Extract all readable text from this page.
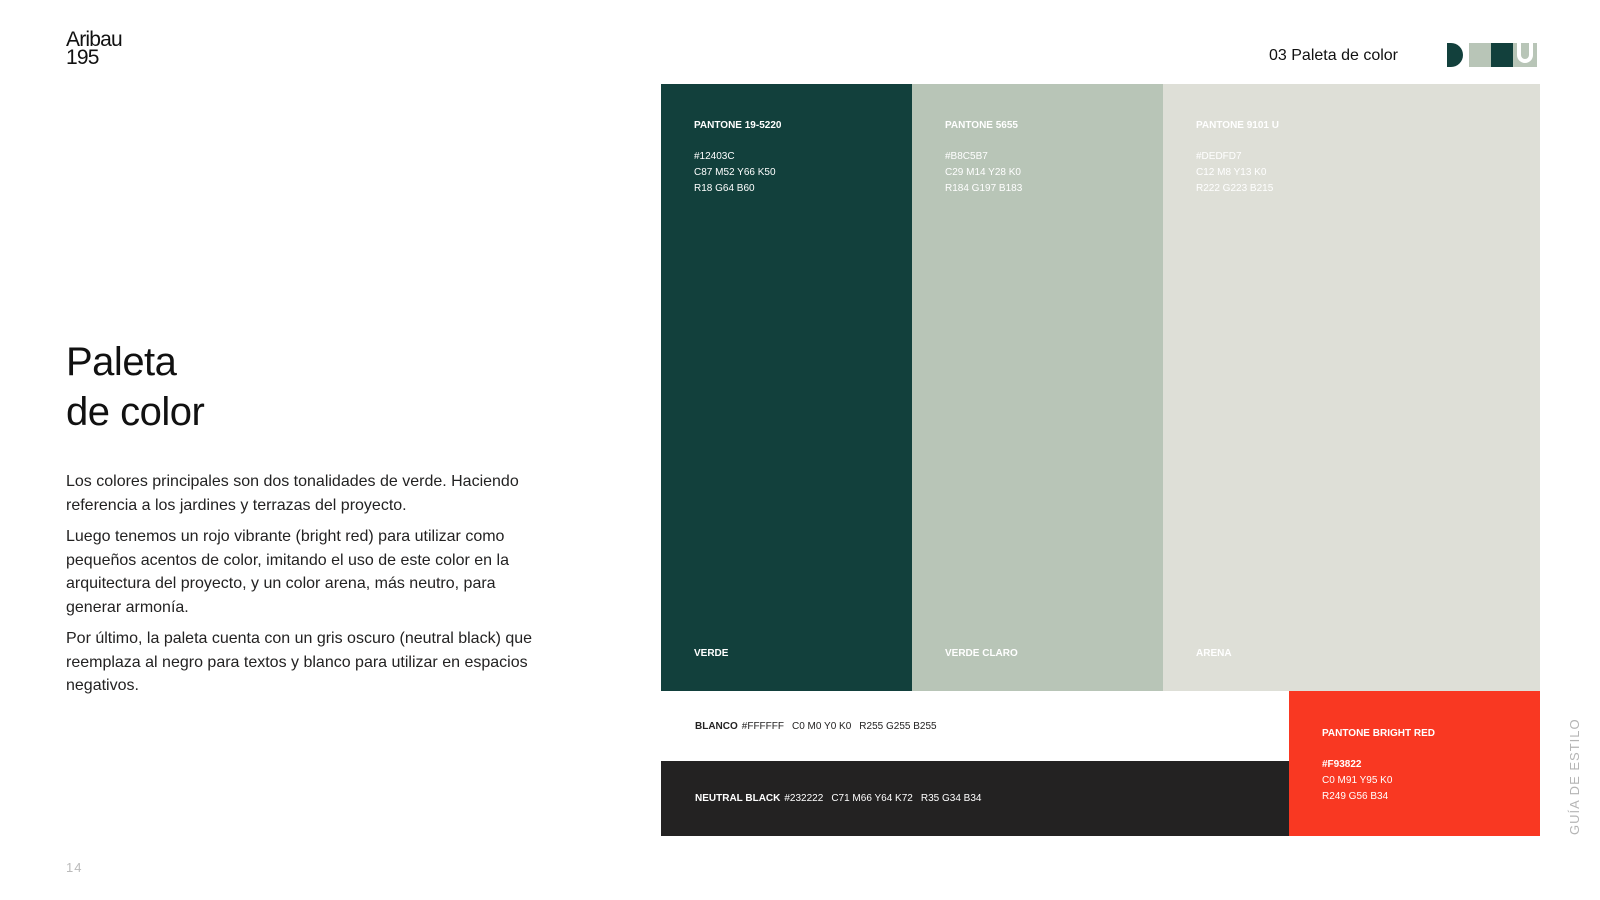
Aribau
195	03 Paleta de color
Paleta
de color

Los colores principales son dos tonalidades de verde. Haciendo referencia a los jardines y terrazas del proyecto.

Luego tenemos un rojo vibrante (bright red) para utilizar como pequeños acentos de color, imitando el uso de este color en la arquitectura del proyecto, y un color arena, más neutro, para generar armonía.

Por último, la paleta cuenta con un gris oscuro (neutral black) que reemplaza al negro para textos y blanco para utilizar en espacios negativos.

PANTONE 19-5220
#12403C
C87 M52 Y66 K50
R18 G64 B60
VERDE
PANTONE 5655
#B8C5B7
C29 M14 Y28 K0
R184 G197 B183
VERDE CLARO
PANTONE 9101 U
#DEDFD7
C12 M8 Y13 K0
R222 G223 B215
ARENA
BLANCO #FFFFFF C0 M0 Y0 K0 R255 G255 B255
NEUTRAL BLACK #232222 C71 M66 Y64 K72 R35 G34 B34
PANTONE BRIGHT RED
#F93822
C0 M91 Y95 K0
R249 G56 B34
14
GUÍA DE ESTILO
